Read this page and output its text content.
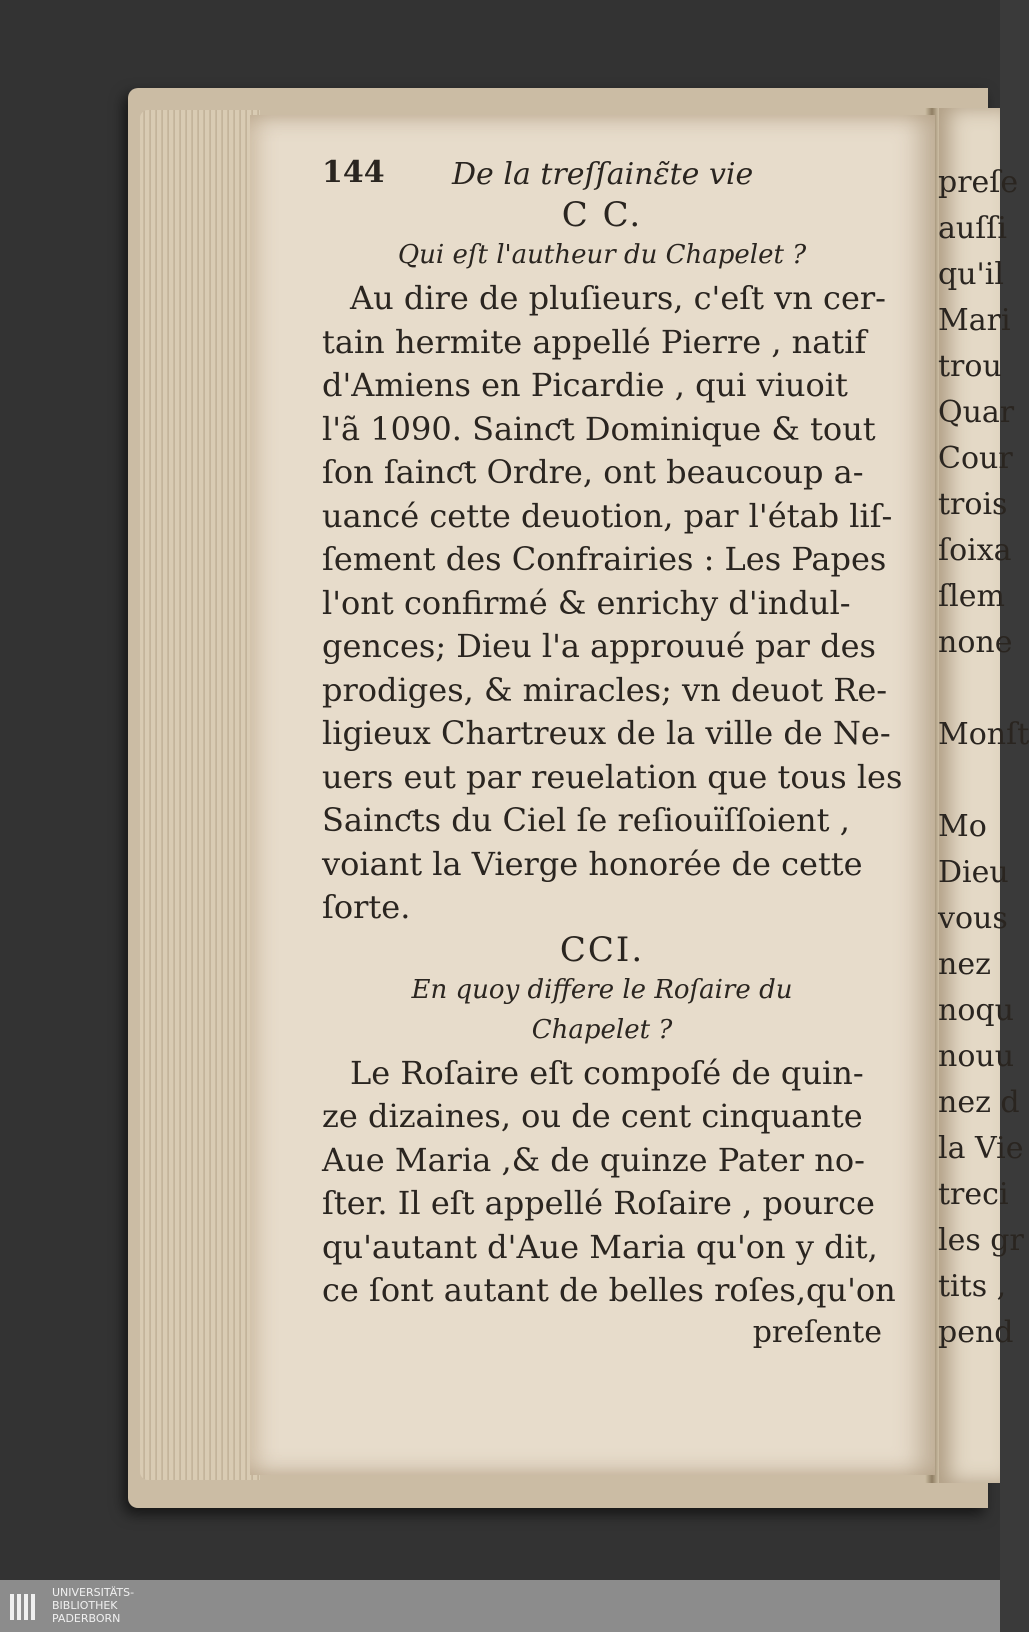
144 De la treſſainɛ̃te vie
C C.
Qui eſt l'autheur du Chapelet ?
Au dire de pluſieurs, c'eſt vn cer-
tain hermite appellé Pierre , natif
d'Amiens en Picardie , qui viuoit
l'ã 1090. Sainƈt Dominique & tout
ſon ſainƈt Ordre, ont beaucoup a-
uancé cette deuotion, par l'étab liſ-
ſement des Confrairies : Les Papes
l'ont confirmé & enrichy d'indul-
gences; Dieu l'a approuué par des
prodiges, & miracles; vn deuot Re-
ligieux Chartreux de la ville de Ne-
uers eut par reuelation que tous les
Sainƈts du Ciel ſe reſiouïſſoient ,
voiant la Vierge honorée de cette
ſorte.
CCI.
En quoy differe le Roſaire du
Chapelet ?
Le Roſaire eſt compoſé de quin-
ze dizaines, ou de cent cinquante
Aue Maria ,& de quinze Pater no-
ſter. Il eſt appellé Roſaire , pource
qu'autant d'Aue Maria qu'on y dit,
ce ſont autant de belles roſes,qu'on
preſente
preſe
auſſi
qu'il
Mari
trou
Quar
Cour
trois
ſoixa
ſlem
none

Monſt

Mo
Dieu
vous
nez
noqu
nouu
nez d
la Vie
treci
les gr
tits ,
pend
UNIVERSITÄTS-
BIBLIOTHEK
PADERBORN
